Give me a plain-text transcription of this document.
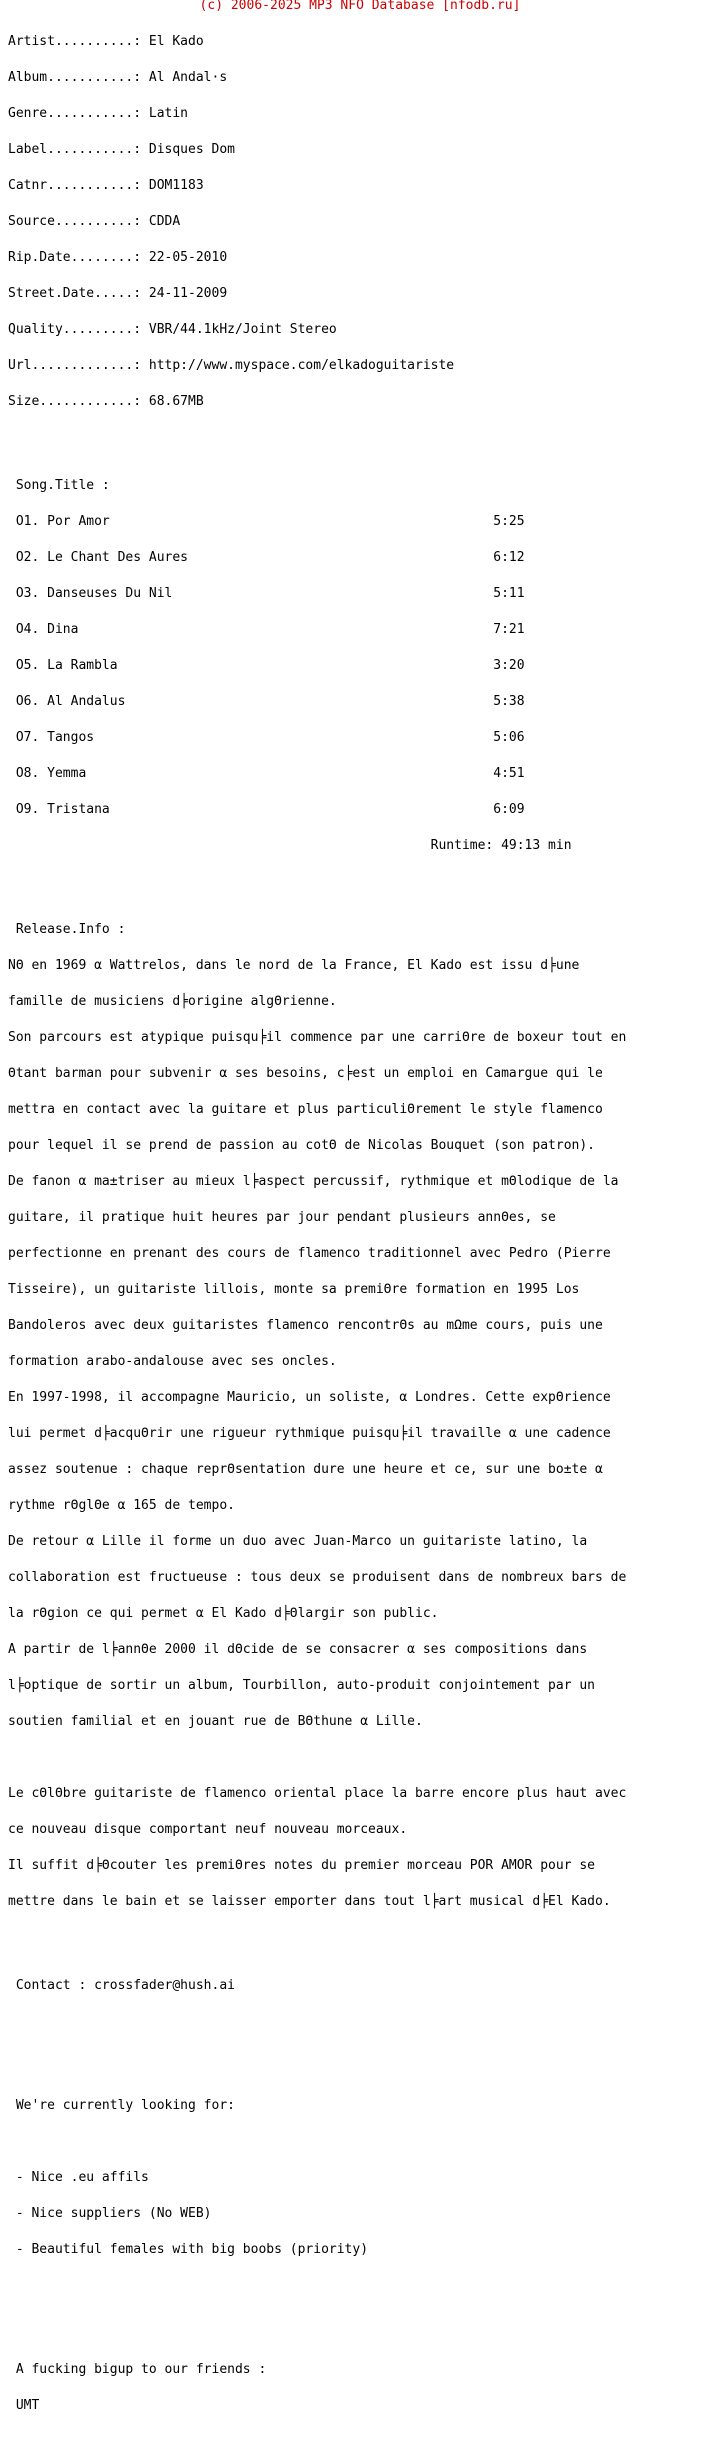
(c) 2006-2025 MP3 NFO Database [nfodb.ru]

Artist..........: El Kado

Album...........: Al Andal·s

Genre...........: Latin

Label...........: Disques Dom

Catnr...........: DOM1183

Source..........: CDDA

Rip.Date........: 22-05-2010

Street.Date.....: 24-11-2009

Quality.........: VBR/44.1kHz/Joint Stereo

Url.............: http://www.myspace.com/elkadoguitariste

Size............: 68.67MB

Song.Title :

O1. Por Amor                                                 5:25

O2. Le Chant Des Aures                                       6:12

O3. Danseuses Du Nil                                         5:11

O4. Dina                                                     7:21

O5. La Rambla                                                3:20

O6. Al Andalus                                               5:38

O7. Tangos                                                   5:06

O8. Yemma                                                    4:51

O9. Tristana                                                 6:09

Runtime: 49:13 min

Release.Info :

NΘ en 1969 α Wattrelos, dans le nord de la France, El Kado est issu d╞une

famille de musiciens d╞origine algΘrienne.

Son parcours est atypique puisqu╞il commence par une carriΘre de boxeur tout en

Θtant barman pour subvenir α ses besoins, c╞est un emploi en Camargue qui le

mettra en contact avec la guitare et plus particuliΘrement le style flamenco

pour lequel il se prend de passion au cotΘ de Nicolas Bouquet (son patron).

De fa∩on α ma±triser au mieux l╞aspect percussif, rythmique et mΘlodique de la

guitare, il pratique huit heures par jour pendant plusieurs annΘes, se

perfectionne en prenant des cours de flamenco traditionnel avec Pedro (Pierre

Tisseire), un guitariste lillois, monte sa premiΘre formation en 1995 Los

Bandoleros avec deux guitaristes flamenco rencontrΘs au mΩme cours, puis une

formation arabo-andalouse avec ses oncles.

En 1997-1998, il accompagne Mauricio, un soliste, α Londres. Cette expΘrience

lui permet d╞acquΘrir une rigueur rythmique puisqu╞il travaille α une cadence

assez soutenue : chaque reprΘsentation dure une heure et ce, sur une bo±te α

rythme rΘglΘe α 165 de tempo.

De retour α Lille il forme un duo avec Juan-Marco un guitariste latino, la

collaboration est fructueuse : tous deux se produisent dans de nombreux bars de

la rΘgion ce qui permet α El Kado d╞Θlargir son public.

A partir de l╞annΘe 2000 il dΘcide de se consacrer α ses compositions dans

l╞optique de sortir un album, Tourbillon, auto-produit conjointement par un

soutien familial et en jouant rue de BΘthune α Lille.

Le cΘlΘbre guitariste de flamenco oriental place la barre encore plus haut avec

ce nouveau disque comportant neuf nouveau morceaux.

Il suffit d╞Θcouter les premiΘres notes du premier morceau POR AMOR pour se

mettre dans le bain et se laisser emporter dans tout l╞art musical d╞El Kado.

Contact : crossfader@hush.ai

We're currently looking for:

- Nice .eu affils

- Nice suppliers (No WEB)

- Beautiful females with big boobs (priority)

A fucking bigup to our friends :

UMT
